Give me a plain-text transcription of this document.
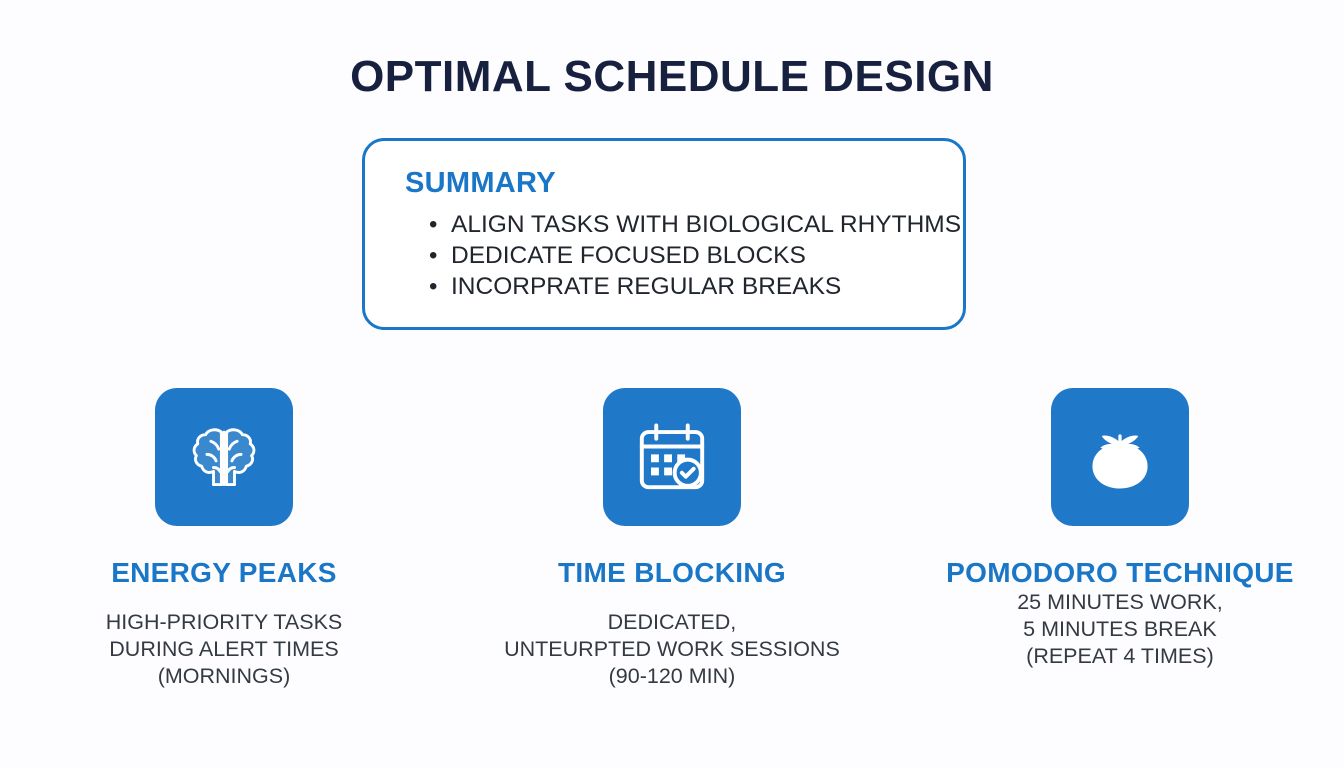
OPTIMAL SCHEDULE DESIGN
SUMMARY
• ALIGN TASKS WITH BIOLOGICAL RHYTHMS
• DEDICATE FOCUSED BLOCKS
• INCORPRATE REGULAR BREAKS
ENERGY PEAKS
HIGH-PRIORITY TASKS
DURING ALERT TIMES
(MORNINGS)
TIME BLOCKING
DEDICATED,
UNTEURPTED WORK SESSIONS
(90-120 MIN)
POMODORO TECHNIQUE
25 MINUTES WORK,
5 MINUTES BREAK
(REPEAT 4 TIMES)
